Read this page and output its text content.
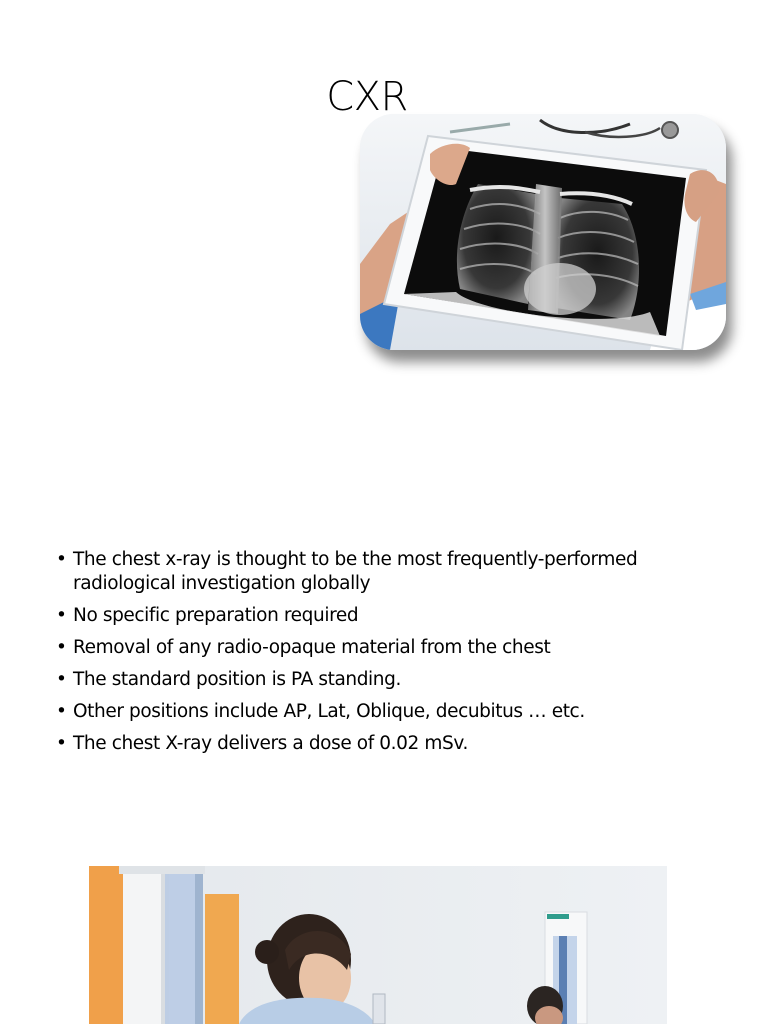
CXR
• The chest x-ray is thought to be the most frequently-performed radiological investigation globally
• No specific preparation required
• Removal of any radio-opaque material from the chest
• The standard position is PA standing.
• Other positions include AP, Lat, Oblique, decubitus … etc.
• The chest X-ray delivers a dose of 0.02 mSv.
